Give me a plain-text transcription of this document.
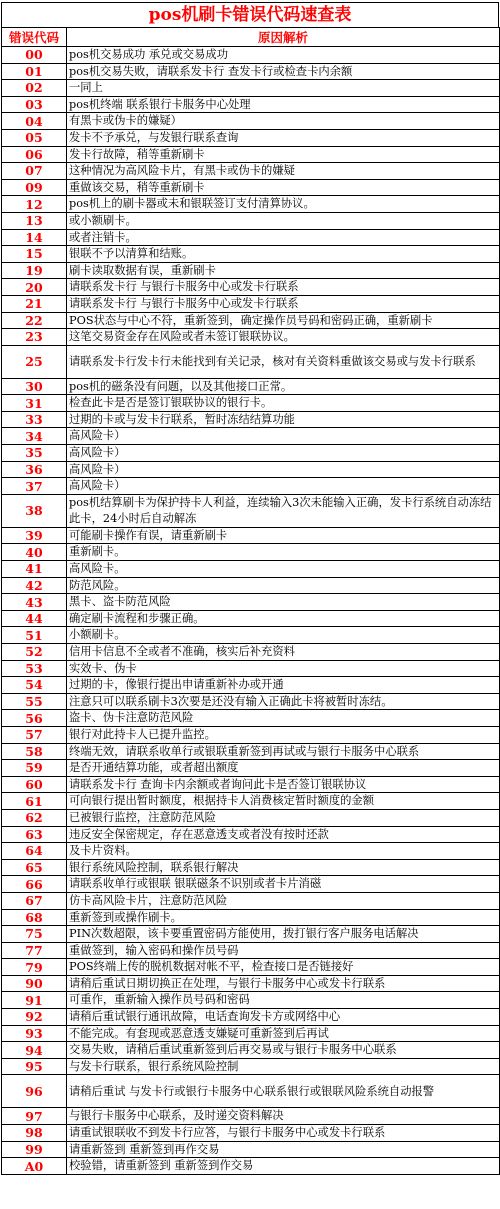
pos机刷卡错误代码速查表
错误代码	原因解析
00	pos机交易成功 承兑或交易成功
01	pos机交易失败，请联系发卡行 查发卡行或检查卡内余额
02	一同上
03	pos机终端 联系银行卡服务中心处理
04	有黑卡或伪卡的嫌疑）
05	发卡不予承兑，与发银行联系查询
06	发卡行故障，稍等重新刷卡
07	这种情况为高风险卡片，有黑卡或伪卡的嫌疑
09	重做该交易，稍等重新刷卡
12	pos机上的刷卡器或未和银联签订支付清算协议。
13	或小额刷卡。
14	或者注销卡。
15	银联不予以清算和结账。
19	刷卡读取数据有误，重新刷卡
20	请联系发卡行 与银行卡服务中心或发卡行联系
21	请联系发卡行 与银行卡服务中心或发卡行联系
22	POS状态与中心不符，重新签到，确定操作员号码和密码正确，重新刷卡
23	这笔交易资金存在风险或者未签订银联协议。
25	请联系发卡行发卡行未能找到有关记录，核对有关资料重做该交易或与发卡行联系
30	pos机的磁条没有问题，以及其他接口正常。
31	检查此卡是否是签订银联协议的银行卡。
33	过期的卡或与发卡行联系，暂时冻结结算功能
34	高风险卡）
35	高风险卡）
36	高风险卡）
37	高风险卡）
38	pos机结算刷卡为保护持卡人利益，连续输入3次未能输入正确，发卡行系统自动冻结此卡，24小时后自动解冻
39	可能刷卡操作有误，请重新刷卡
40	重新刷卡。
41	高风险卡。
42	防范风险。
43	黑卡、盗卡防范风险
44	确定刷卡流程和步骤正确。
51	小额刷卡。
52	信用卡信息不全或者不准确，核实后补充资料
53	实效卡、伪卡
54	过期的卡，像银行提出申请重新补办或开通
55	注意只可以联系刷卡3次要是还没有输入正确此卡将被暂时冻结。
56	盗卡、伪卡注意防范风险
57	银行对此持卡人已提升监控。
58	终端无效，请联系收单行或银联重新签到再试或与银行卡服务中心联系
59	是否开通结算功能，或者超出额度
60	请联系发卡行 查询卡内余额或者询问此卡是否签订银联协议
61	可向银行提出暂时额度，根据持卡人消费核定暂时额度的金额
62	已被银行监控，注意防范风险
63	违反安全保密规定，存在恶意透支或者没有按时还款
64	及卡片资料。
65	银行系统风险控制，联系银行解决
66	请联系收单行或银联 银联磁条不识别或者卡片消磁
67	仿卡高风险卡片，注意防范风险
68	重新签到或操作刷卡。
75	PIN次数超限，该卡要重置密码方能使用，拨打银行客户服务电话解决
77	重做签到，输入密码和操作员号码
79	POS终端上传的脱机数据对帐不平，检查接口是否链接好
90	请稍后重试日期切换正在处理，与银行卡服务中心或发卡行联系
91	可重作，重新输入操作员号码和密码
92	请稍后重试银行通讯故障，电话查询发卡方或网络中心
93	不能完成。有套现或恶意透支嫌疑可重新签到后再试
94	交易失败，请稍后重试重新签到后再交易或与银行卡服务中心联系
95	与发卡行联系，银行系统风险控制
96	请稍后重试 与发卡行或银行卡服务中心联系银行或银联风险系统自动报警
97	与银行卡服务中心联系，及时递交资料解决
98	请重试银联收不到发卡行应答，与银行卡服务中心或发卡行联系
99	请重新签到 重新签到再作交易
A0	校验错，请重新签到 重新签到作交易
